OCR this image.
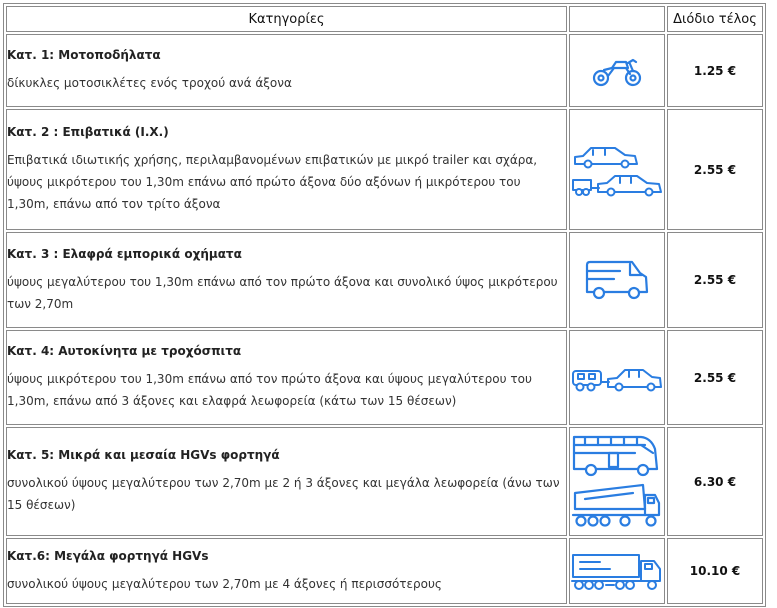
Κατηγορίες		Διόδιο τέλος

Κατ. 1: Μοτοποδήλατα
δίκυκλες μοτοσικλέτες ενός τροχού ανά άξονα		1.25 €

Κατ. 2 : Επιβατικά (Ι.Χ.)
Επιβατικά ιδιωτικής χρήσης, περιλαμβανομένων επιβατικών με μικρό trailer και σχάρα, ύψους μικρότερου του 1,30m επάνω από πρώτο άξονα δύο αξόνων ή μικρότερου του 1,30m, επάνω από τον τρίτο άξονα		2.55 €

Κατ. 3 : Ελαφρά εμπορικά οχήματα
ύψους μεγαλύτερου του 1,30m επάνω από τον πρώτο άξονα και συνολικό ύψος μικρότερου των 2,70m		2.55 €

Κατ. 4: Αυτοκίνητα με τροχόσπιτα
ύψους μικρότερου του 1,30m επάνω από τον πρώτο άξονα και ύψους μεγαλύτερου του 1,30m, επάνω από 3 άξονες και ελαφρά λεωφορεία (κάτω των 15 θέσεων)		2.55 €

Κατ. 5: Μικρά και μεσαία HGVs φορτηγά
συνολικού ύψους μεγαλύτερου των 2,70m με 2 ή 3 άξονες και μεγάλα λεωφορεία (άνω των 15 θέσεων)		6.30 €

Κατ.6: Μεγάλα φορτηγά HGVs
συνολικού ύψους μεγαλύτερου των 2,70m με 4 άξονες ή περισσότερους		10.10 €
